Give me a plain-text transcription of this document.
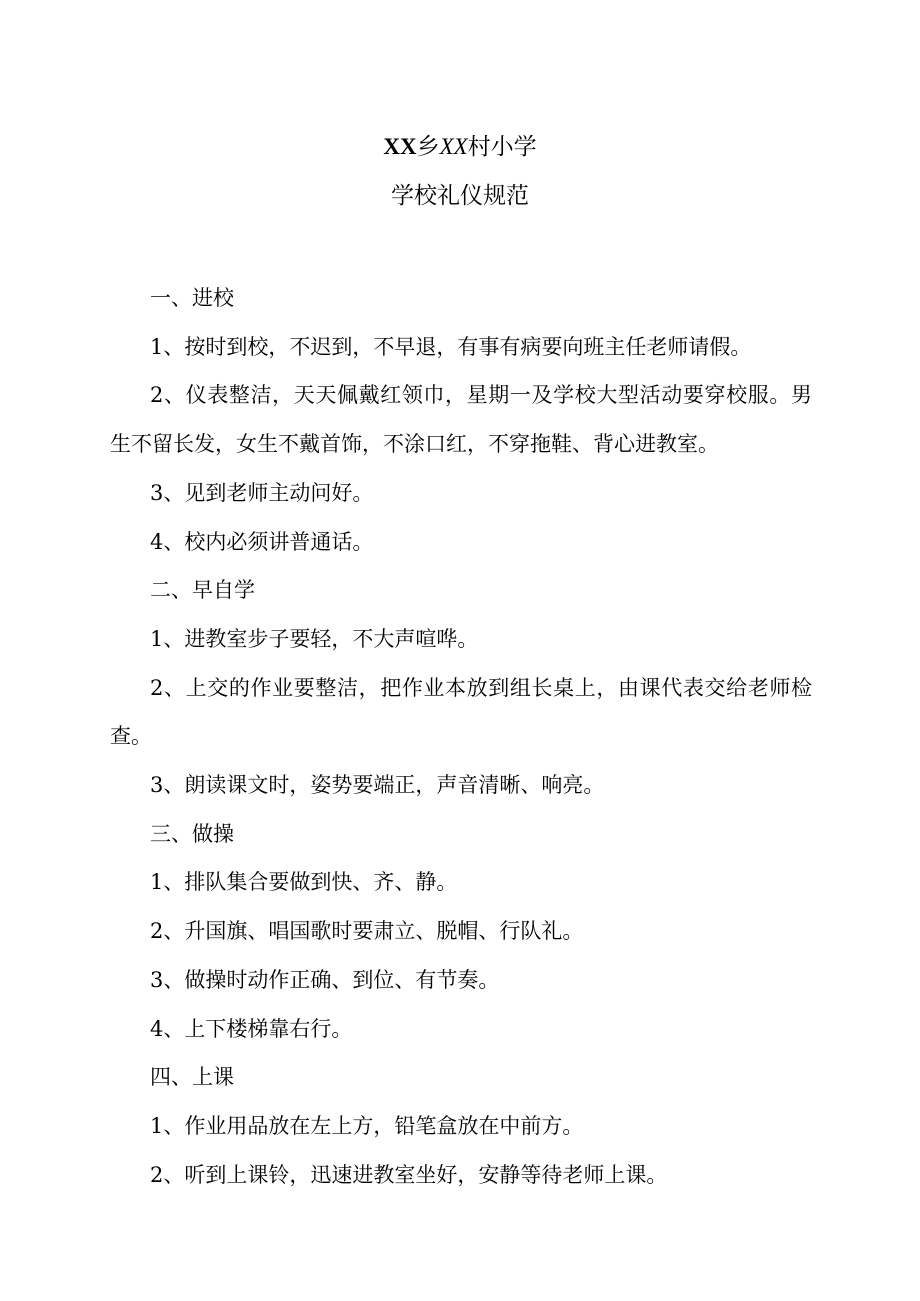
XX乡XX村小学
学校礼仪规范

一、进校

1、按时到校，不迟到，不早退，有事有病要向班主任老师请假。

2、仪表整洁，天天佩戴红领巾，星期一及学校大型活动要穿校服。男生不留长发，女生不戴首饰，不涂口红，不穿拖鞋、背心进教室。

3、见到老师主动问好。

4、校内必须讲普通话。

二、早自学

1、进教室步子要轻，不大声喧哗。

2、上交的作业要整洁，把作业本放到组长桌上，由课代表交给老师检查。

3、朗读课文时，姿势要端正，声音清晰、响亮。

三、做操

1、排队集合要做到快、齐、静。

2、升国旗、唱国歌时要肃立、脱帽、行队礼。

3、做操时动作正确、到位、有节奏。

4、上下楼梯靠右行。

四、上课

1、作业用品放在左上方，铅笔盒放在中前方。

2、听到上课铃，迅速进教室坐好，安静等待老师上课。
